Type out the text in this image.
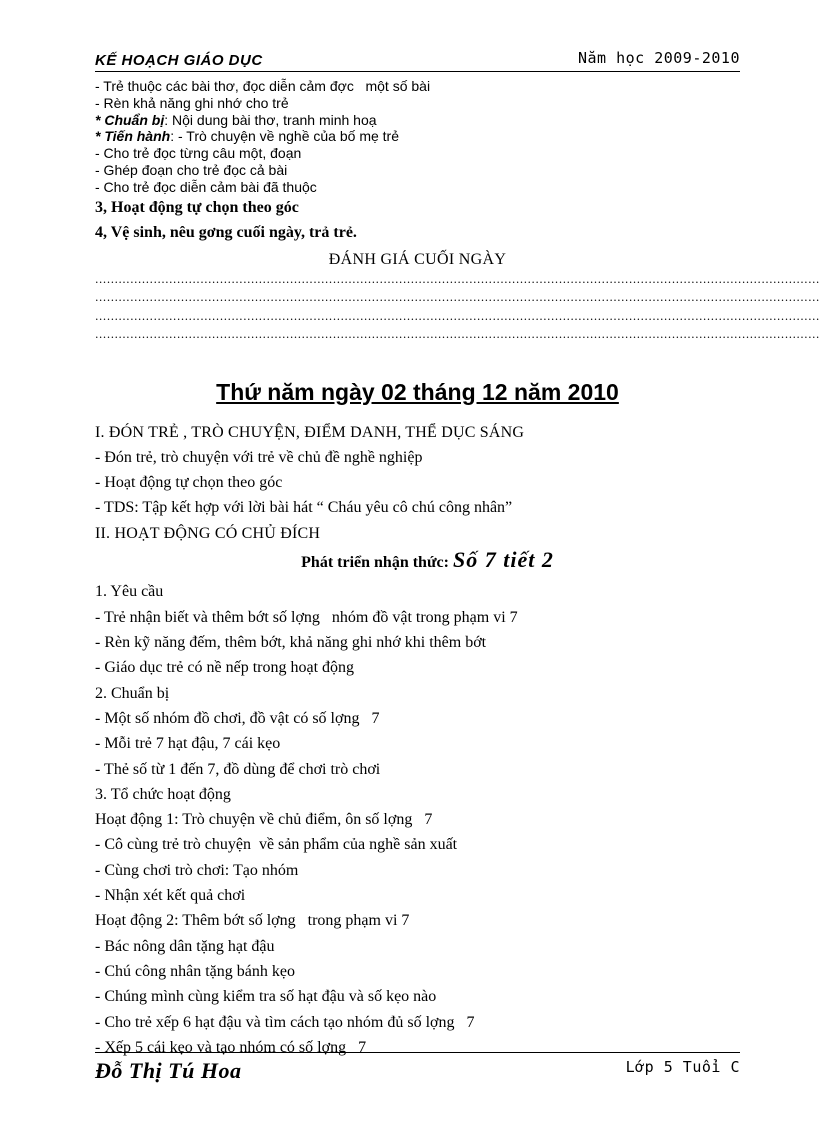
KẾ HOẠCH GIÁO DỤC	Năm học 2009-2010
- Trẻ thuộc các bài thơ, đọc diễn cảm đợc   một số bài
- Rèn khả năng ghi nhớ cho trẻ
* Chuẩn bị: Nội dung bài thơ, tranh minh hoạ
* Tiến hành: - Trò chuyện về nghề của bố mẹ trẻ
- Cho trẻ đọc từng câu một, đoạn
- Ghép đoạn cho trẻ đọc cả bài
- Cho trẻ đọc diễn cảm bài đã thuộc
3, Hoạt động tự chọn theo góc
4, Vệ sinh, nêu gơng cuối ngày, trả trẻ.
ĐÁNH GIÁ CUỐI NGÀY
..........................................................................................................................................................................................
..........................................................................................................................................................................................
..........................................................................................................................................................................................
..........................................................................................................................................................................................
Thứ năm ngày 02 tháng 12 năm 2010
I. ĐÓN TRẺ , TRÒ CHUYỆN, ĐIỂM DANH, THỂ DỤC SÁNG
- Đón trẻ, trò chuyện với trẻ về chủ đề nghề nghiệp
- Hoạt động tự chọn theo góc
- TDS: Tập kết hợp với lời bài hát “ Cháu yêu cô chú công nhân”
II. HOẠT ĐỘNG CÓ CHỦ ĐÍCH
Phát triển nhận thức: Số 7 tiết 2
1. Yêu cầu
- Trẻ nhận biết và thêm bớt số lợng   nhóm đồ vật trong phạm vi 7
- Rèn kỹ năng đếm, thêm bớt, khả năng ghi nhớ khi thêm bớt
- Giáo dục trẻ có nề nếp trong hoạt động
2. Chuẩn bị
- Một số nhóm đồ chơi, đồ vật có số lợng   7
- Mỗi trẻ 7 hạt đậu, 7 cái kẹo
- Thẻ số từ 1 đến 7, đồ dùng để chơi trò chơi
3. Tổ chức hoạt động
Hoạt động 1: Trò chuyện về chủ điểm, ôn số lợng   7
- Cô cùng trẻ trò chuyện  về sản phẩm của nghề sản xuất
- Cùng chơi trò chơi: Tạo nhóm
- Nhận xét kết quả chơi
Hoạt động 2: Thêm bớt số lợng   trong phạm vi 7
- Bác nông dân tặng hạt đậu
- Chú công nhân tặng bánh kẹo
- Chúng mình cùng kiểm tra số hạt đậu và số kẹo nào
- Cho trẻ xếp 6 hạt đậu và tìm cách tạo nhóm đủ số lợng   7
- Xếp 5 cái kẹo và tạo nhóm có số lợng   7
Đỗ Thị Tú Hoa	Lớp 5 Tuổi C
